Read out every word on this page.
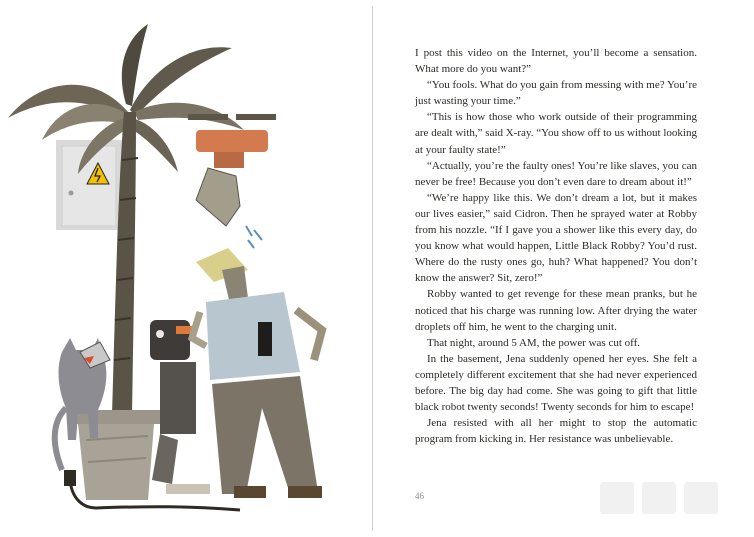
I post this video on the Internet, you’ll become a sensation. What more do you want?”

“You fools. What do you gain from messing with me? You’re just wasting your time.”

“This is how those who work outside of their programming are dealt with,” said X-ray. “You show off to us without looking at your faulty state!”

“Actually, you’re the faulty ones! You’re like slaves, you can never be free! Because you don’t even dare to dream about it!”

“We’re happy like this. We don’t dream a lot, but it makes our lives easier,” said Cidron. Then he sprayed water at Robby from his nozzle. “If I gave you a shower like this every day, do you know what would happen, Little Black Robby? You’d rust. Where do the rusty ones go, huh? What happened? You don’t know the answer? Sit, zero!”

Robby wanted to get revenge for these mean pranks, but he noticed that his charge was running low. After drying the water droplets off him, he went to the charging unit.

That night, around 5 AM, the power was cut off.

In the basement, Jena suddenly opened her eyes. She felt a completely different excitement that she had never experienced before. The big day had come. She was going to gift that little black robot twenty seconds! Twenty seconds for him to escape!

Jena resisted with all her might to stop the automatic program from kicking in. Her resistance was unbelievable.

46
